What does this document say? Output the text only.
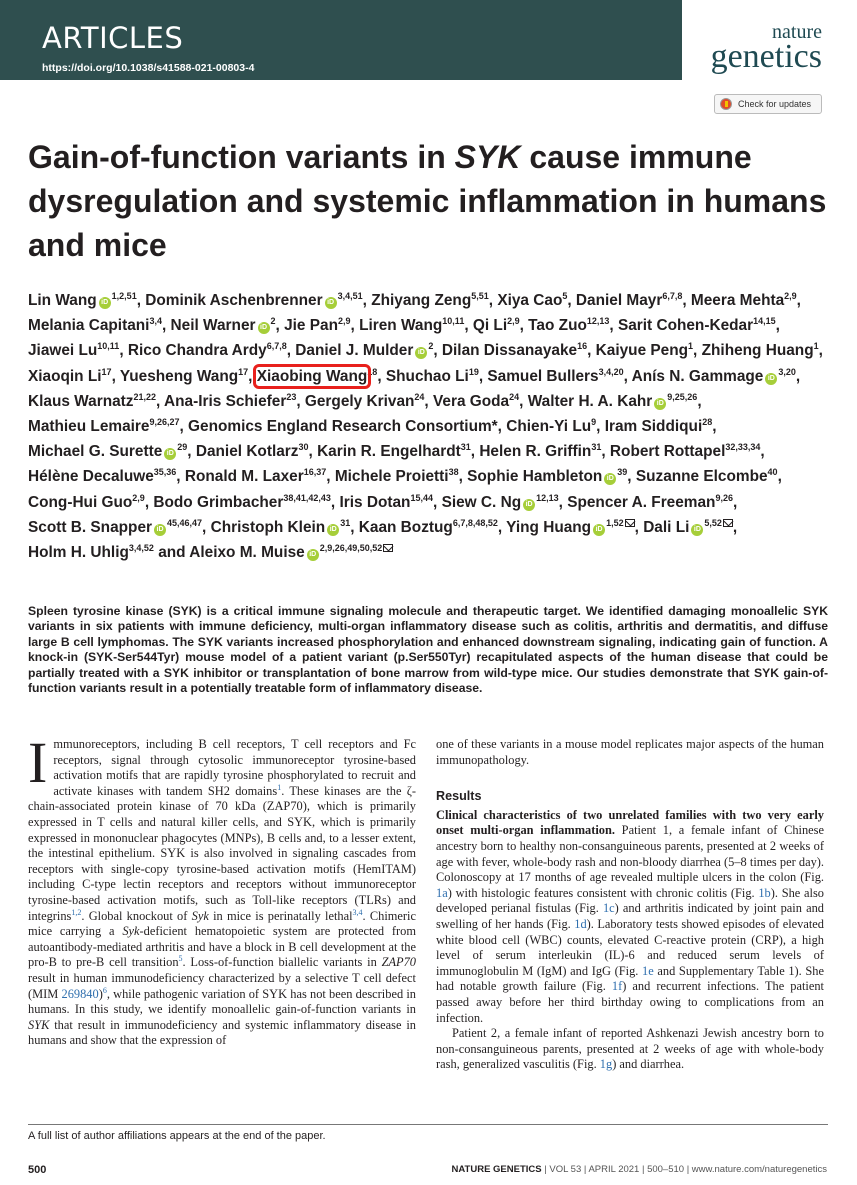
ARTICLES
https://doi.org/10.1038/s41588-021-00803-4
nature
genetics
Check for updates
Gain-of-function variants in SYK cause immune dysregulation and systemic inflammation in humans and mice
Lin Wang iD$^{1,2,51}$, Dominik Aschenbrenner iD$^{3,4,51}$, Zhiyang Zeng$^{5,51}$, Xiya Cao$^5$, Daniel Mayr$^{6,7,8}$, Meera Mehta$^{2,9}$, Melania Capitani$^{3,4}$, Neil Warner $iD^2$, Jie Pan$^{2,9}$, Liren Wang$^{10,11}$, Qi Li$^{2,9}$, Tao Zuo$^{12,13}$, Sarit Cohen-Kedar$^{14,15}$, Jiawei Lu$^{10,11}$, Rico Chandra Ardy$^{6,7,8}$, Daniel J. Mulder $iD^2$, Dilan Dissanayake$^{16}$, Kaiyue Peng$^1$, Zhiheng Huang$^1$, Xiaoqin Li$^{17}$, Yuesheng Wang$^{17}$, Xiaobing Wang$^{18}$, Shuchao Li$^{19}$, Samuel Bullers$^{3,4,20}$, Anís N. Gammage iD$^{3,20}$, Klaus Warnatz$^{21,22}$, Ana-Iris Schiefer$^{23}$, Gergely Krivan$^{24}$, Vera Goda$^{24}$, Walter H. A. Kahr iD$^{9,25,26}$, Mathieu Lemaire$^{9,26,27}$, Genomics England Research Consortium*, Chien-Yi Lu$^9$, Iram Siddiqui$^{28}$, Michael G. Surette $iD^{29}$, Daniel Kotlarz$^{30}$, Karin R. Engelhardt$^{31}$, Helen R. Griffin$^{31}$, Robert Rottapel$^{32,33,34}$, Hélène Decaluwe$^{35,36}$, Ronald M. Laxer$^{16,37}$, Michele Proietti$^{38}$, Sophie Hambleton $iD^{39}$, Suzanne Elcombe$^{40}$, Cong-Hui Guo$^{2,9}$, Bodo Grimbacher$^{38,41,42,43}$, Iris Dotan$^{15,44}$, Siew C. Ng iD$^{12,13}$, Spencer A. Freeman$^{9,26}$, Scott B. Snapper iD$^{45,46,47}$, Christoph Klein $iD^{31}$, Kaan Boztug$^{6,7,8,48,52}$, Ying Huang iD$^{1,52}$ , Dali Li iD$^{5,52}$ , Holm H. Uhlig$^{3,4,52}$ and Aleixo M. Muise iD$^{2,9,26,49,50,52}$
Spleen tyrosine kinase (SYK) is a critical immune signaling molecule and therapeutic target. We identified damaging monoallelic SYK variants in six patients with immune deficiency, multi-organ inflammatory disease such as colitis, arthritis and dermatitis, and diffuse large B cell lymphomas. The SYK variants increased phosphorylation and enhanced downstream signaling, indicating gain of function. A knock-in (SYK-Ser544Tyr) mouse model of a patient variant (p.Ser550Tyr) recapitulated aspects of the human disease that could be partially treated with a SYK inhibitor or transplantation of bone marrow from wild-type mice. Our studies demonstrate that SYK gain-of-function variants result in a potentially treatable form of inflammatory disease.

Immunoreceptors, including B cell receptors, T cell receptors and Fc receptors, signal through cytosolic immunoreceptor tyrosine-based activation motifs that are rapidly tyrosine phosphorylated to recruit and activate kinases with tandem SH2 domains$^1$. These kinases are the ζ-chain-associated protein kinase of 70 kDa (ZAP70), which is primarily expressed in T cells and natural killer cells, and SYK, which is primarily expressed in mononuclear phagocytes (MNPs), B cells and, to a lesser extent, the intestinal epithelium. SYK is also involved in signaling cascades from receptors with single-copy tyrosine-based activation motifs (HemITAM) including C-type lectin receptors and receptors without immunoreceptor tyrosine-based activation motifs, such as Toll-like receptors (TLRs) and integrins$^{1,2}$. Global knockout of Syk in mice is perinatally lethal$^{3,4}$. Chimeric mice carrying a Syk-deficient hematopoietic system are protected from autoantibody-mediated arthritis and have a block in B cell development at the pro-B to pre-B cell transition$^5$. Loss-of-function biallelic variants in ZAP70 result in human immunodeficiency characterized by a selective T cell defect (MIM 269840)$^6$, while pathogenic variation of SYK has not been described in humans. In this study, we identify monoallelic gain-of-function variants in SYK that result in immunodeficiency and systemic inflammatory disease in humans and show that the expression of

one of these variants in a mouse model replicates major aspects of the human immunopathology.

Results

Clinical characteristics of two unrelated families with two very early onset multi-organ inflammation. Patient 1, a female infant of Chinese ancestry born to healthy non-consanguineous parents, presented at 2 weeks of age with fever, whole-body rash and non-bloody diarrhea (5–8 times per day). Colonoscopy at 17 months of age revealed multiple ulcers in the colon (Fig. 1a) with histologic features consistent with chronic colitis (Fig. 1b). She also developed perianal fistulas (Fig. 1c) and arthritis indicated by joint pain and swelling of her hands (Fig. 1d). Laboratory tests showed episodes of elevated white blood cell (WBC) counts, elevated C-reactive protein (CRP), a high level of serum interleukin (IL)-6 and reduced serum levels of immunoglobulin M (IgM) and IgG (Fig. 1e and Supplementary Table 1). She had notable growth failure (Fig. 1f) and recurrent infections. The patient passed away before her third birthday owing to complications from an infection.

Patient 2, a female infant of reported Ashkenazi Jewish ancestry born to non-consanguineous parents, presented at 2 weeks of age with whole-body rash, generalized vasculitis (Fig. 1g) and diarrhea.

A full list of author affiliations appears at the end of the paper.
500	NATURE GENETICS | VOL 53 | APRIL 2021 | 500–510 | www.nature.com/naturegenetics
